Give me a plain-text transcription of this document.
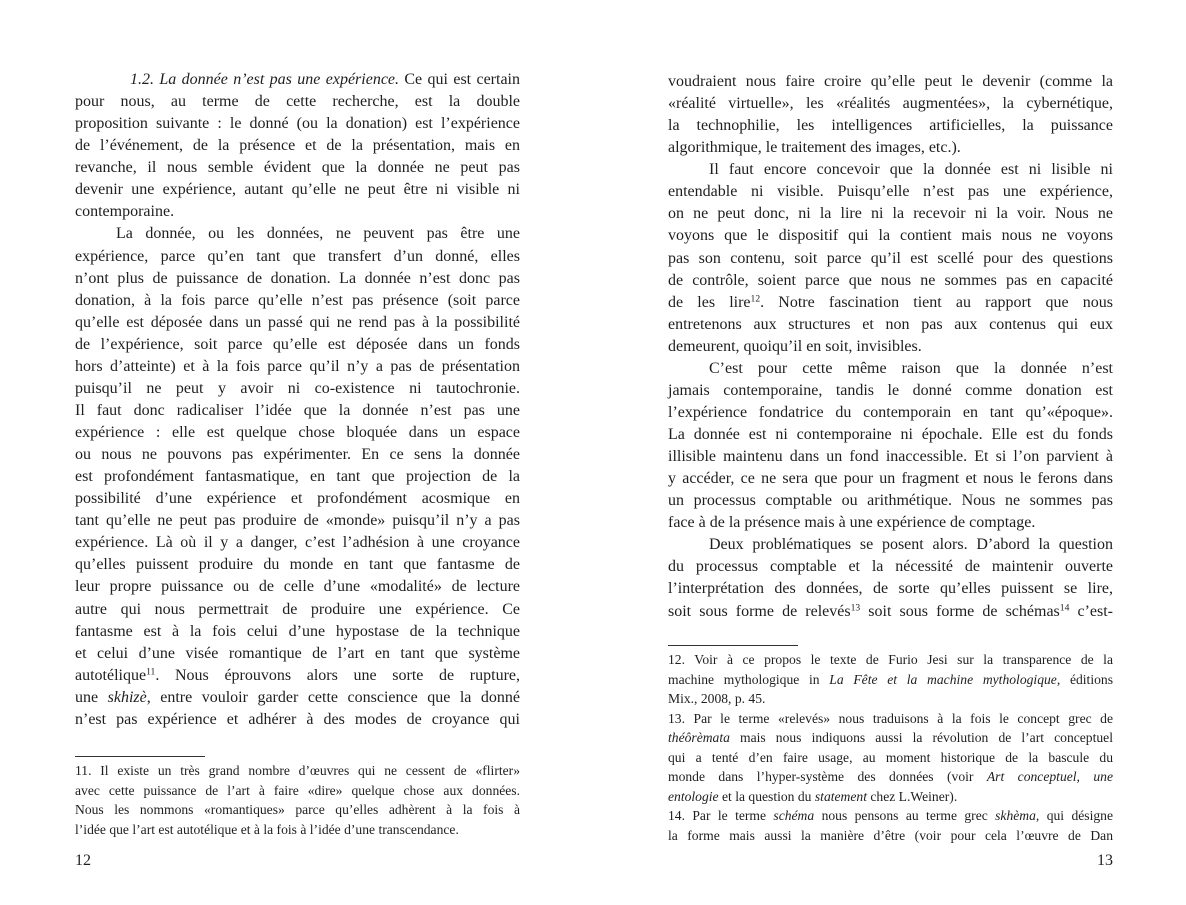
1.2. La donnée n’est pas une expérience. Ce qui est certain
pour nous, au terme de cette recherche, est la double
proposition suivante : le donné (ou la donation) est l’expérience
de l’événement, de la présence et de la présentation, mais en
revanche, il nous semble évident que la donnée ne peut pas
devenir une expérience, autant qu’elle ne peut être ni visible ni
contemporaine.
La donnée, ou les données, ne peuvent pas être une
expérience, parce qu’en tant que transfert d’un donné, elles
n’ont plus de puissance de donation. La donnée n’est donc pas
donation, à la fois parce qu’elle n’est pas présence (soit parce
qu’elle est déposée dans un passé qui ne rend pas à la possibilité
de l’expérience, soit parce qu’elle est déposée dans un fonds
hors d’atteinte) et à la fois parce qu’il n’y a pas de présentation
puisqu’il ne peut y avoir ni co-existence ni tautochronie.
Il faut donc radicaliser l’idée que la donnée n’est pas une
expérience : elle est quelque chose bloquée dans un espace
ou nous ne pouvons pas expérimenter. En ce sens la donnée
est profondément fantasmatique, en tant que projection de la
possibilité d’une expérience et profondément acosmique en
tant qu’elle ne peut pas produire de «monde» puisqu’il n’y a pas
expérience. Là où il y a danger, c’est l’adhésion à une croyance
qu’elles puissent produire du monde en tant que fantasme de
leur propre puissance ou de celle d’une «modalité» de lecture
autre qui nous permettrait de produire une expérience. Ce
fantasme est à la fois celui d’une hypostase de la technique
et celui d’une visée romantique de l’art en tant que système
autotélique$^{11}$. Nous éprouvons alors une sorte de rupture,
une skhizè, entre vouloir garder cette conscience que la donné
n’est pas expérience et adhérer à des modes de croyance qui
11. Il existe un très grand nombre d’œuvres qui ne cessent de «flirter»
avec cette puissance de l’art à faire «dire» quelque chose aux données.
Nous les nommons «romantiques» parce qu’elles adhèrent à la fois à
l’idée que l’art est autotélique et à la fois à l’idée d’une transcendance.
12
voudraient nous faire croire qu’elle peut le devenir (comme la
«réalité virtuelle», les «réalités augmentées», la cybernétique,
la technophilie, les intelligences artificielles, la puissance
algorithmique, le traitement des images, etc.).
Il faut encore concevoir que la donnée est ni lisible ni
entendable ni visible. Puisqu’elle n’est pas une expérience,
on ne peut donc, ni la lire ni la recevoir ni la voir. Nous ne
voyons que le dispositif qui la contient mais nous ne voyons
pas son contenu, soit parce qu’il est scellé pour des questions
de contrôle, soient parce que nous ne sommes pas en capacité
de les lire$^{12}$. Notre fascination tient au rapport que nous
entretenons aux structures et non pas aux contenus qui eux
demeurent, quoiqu’il en soit, invisibles.
C’est pour cette même raison que la donnée n’est
jamais contemporaine, tandis le donné comme donation est
l’expérience fondatrice du contemporain en tant qu’«époque».
La donnée est ni contemporaine ni épochale. Elle est du fonds
illisible maintenu dans un fond inaccessible. Et si l’on parvient à
y accéder, ce ne sera que pour un fragment et nous le ferons dans
un processus comptable ou arithmétique. Nous ne sommes pas
face à de la présence mais à une expérience de comptage.
Deux problématiques se posent alors. D’abord la question
du processus comptable et la nécessité de maintenir ouverte
l’interprétation des données, de sorte qu’elles puissent se lire,
soit sous forme de relevés$^{13}$ soit sous forme de schémas$^{14}$ c’est-
12. Voir à ce propos le texte de Furio Jesi sur la transparence de la
machine mythologique in La Fête et la machine mythologique, éditions
Mix., 2008, p. 45.
13. Par le terme «relevés» nous traduisons à la fois le concept grec de
théôrèmata mais nous indiquons aussi la révolution de l’art conceptuel
qui a tenté d’en faire usage, au moment historique de la bascule du
monde dans l’hyper-système des données (voir Art conceptuel, une
entologie et la question du statement chez L.Weiner).
14. Par le terme schéma nous pensons au terme grec skhèma, qui désigne
la forme mais aussi la manière d’être (voir pour cela l’œuvre de Dan
13
